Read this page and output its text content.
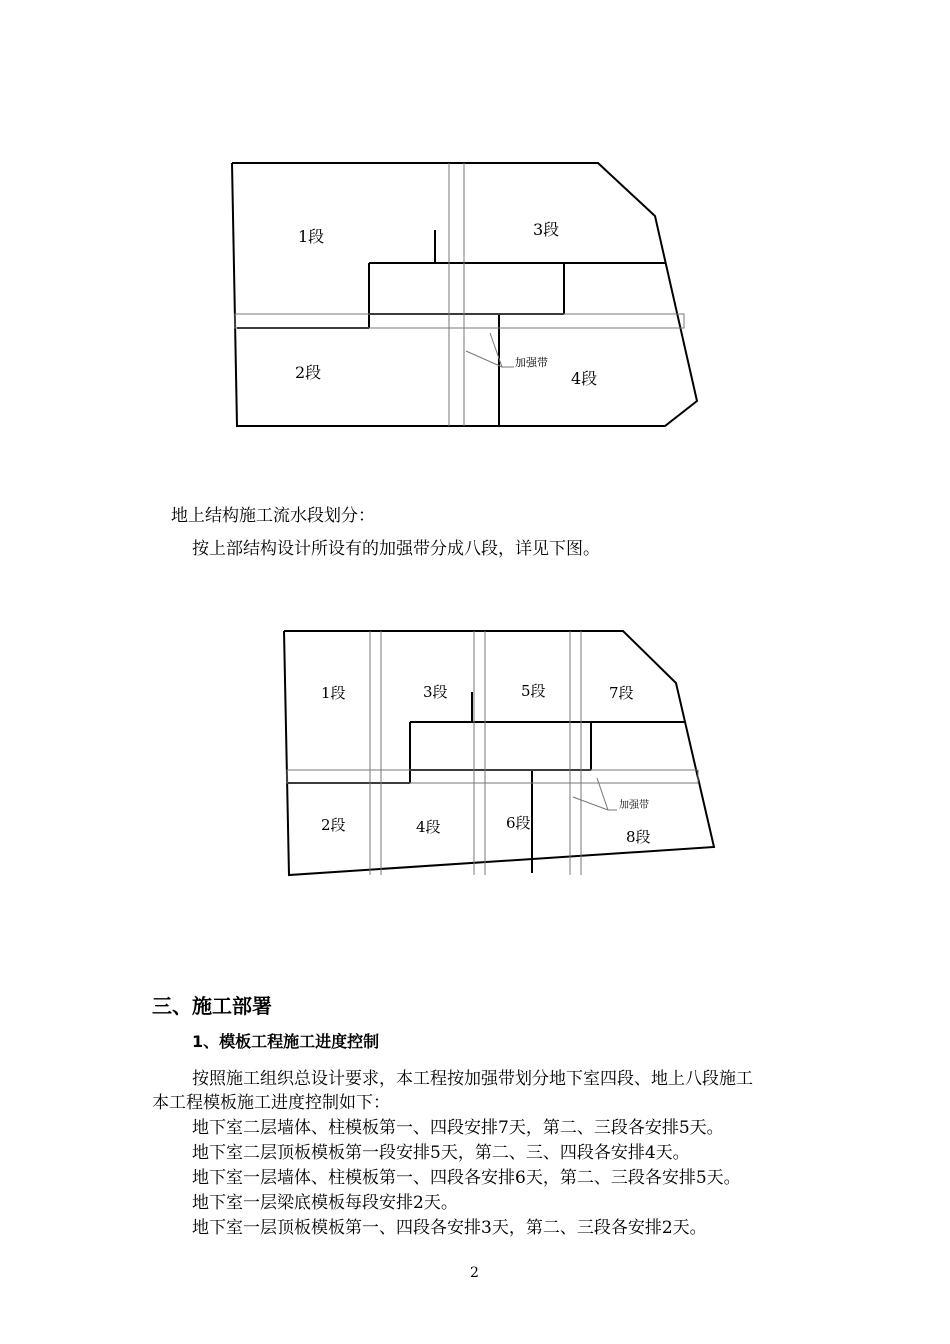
1段	3段
2段	4段
加强带
地上结构施工流水段划分：
按上部结构设计所设有的加强带分成八段，详见下图。
1段	3段	5段	7段
2段	4段	6段
8段
加强带
三、施工部署
1、模板工程施工进度控制
按照施工组织总设计要求，本工程按加强带划分地下室四段、地上八段施工
本工程模板施工进度控制如下：
地下室二层墙体、柱模板第一、四段安排7天，第二、三段各安排5天。
地下室二层顶板模板第一段安排5天，第二、三、四段各安排4天。
地下室一层墙体、柱模板第一、四段各安排6天，第二、三段各安排5天。
地下室一层梁底模板每段安排2天。
地下室一层顶板模板第一、四段各安排3天，第二、三段各安排2天。
2
